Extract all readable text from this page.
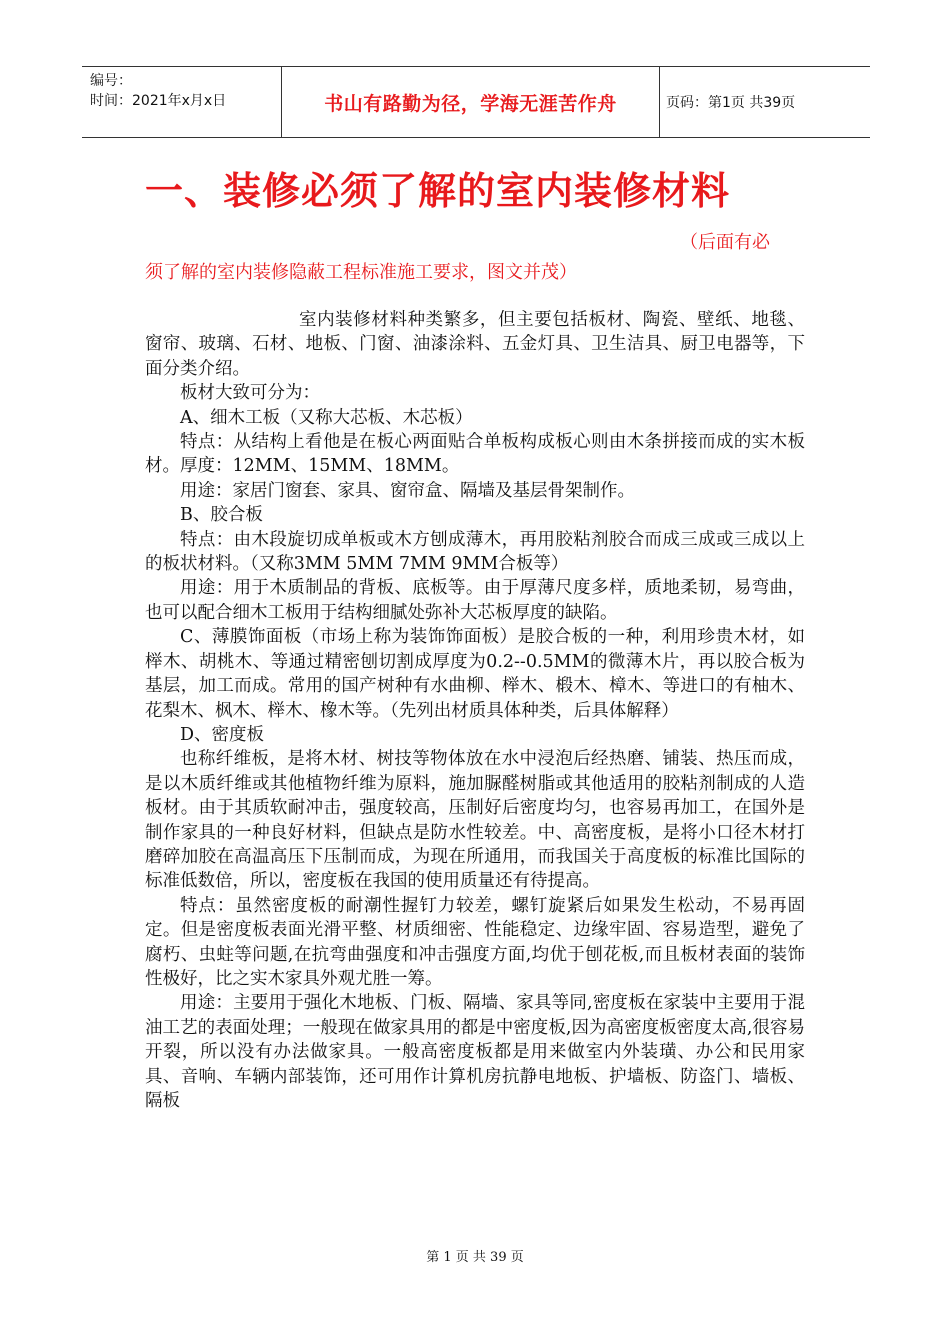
编号：
时间：2021年x月x日	书山有路勤为径，学海无涯苦作舟	页码：第1页 共39页
一、装修必须了解的室内装修材料
（后面有必
须了解的室内装修隐蔽工程标准施工要求，图文并茂）

室内装修材料种类繁多，但主要包括板材、陶瓷、壁纸、地毯、窗帘、玻璃、石材、地板、门窗、油漆涂料、五金灯具、卫生洁具、厨卫电器等，下面分类介绍。

板材大致可分为：

A、细木工板（又称大芯板、木芯板）

特点：从结构上看他是在板心两面贴合单板构成板心则由木条拼接而成的实木板材。厚度：12MM、15MM、18MM。

用途：家居门窗套、家具、窗帘盒、隔墙及基层骨架制作。

B、胶合板

特点：由木段旋切成单板或木方刨成薄木，再用胶粘剂胶合而成三成或三成以上的板状材料。（又称3MM 5MM 7MM 9MM合板等）

用途：用于木质制品的背板、底板等。由于厚薄尺度多样，质地柔韧，易弯曲，也可以配合细木工板用于结构细腻处弥补大芯板厚度的缺陷。

C、薄膜饰面板（市场上称为装饰饰面板）是胶合板的一种，利用珍贵木材，如榉木、胡桃木、等通过精密刨切割成厚度为0.2--0.5MM的微薄木片，再以胶合板为基层，加工而成。常用的国产树种有水曲柳、榉木、椴木、樟木、等进口的有柚木、花梨木、枫木、榉木、橡木等。（先列出材质具体种类，后具体解释）

D、密度板

也称纤维板，是将木材、树技等物体放在水中浸泡后经热磨、铺装、热压而成，是以木质纤维或其他植物纤维为原料，施加脲醛树脂或其他适用的胶粘剂制成的人造板材。由于其质软耐冲击，强度较高，压制好后密度均匀，也容易再加工，在国外是制作家具的一种良好材料，但缺点是防水性较差。中、高密度板，是将小口径木材打磨碎加胶在高温高压下压制而成，为现在所通用，而我国关于高度板的标准比国际的标准低数倍，所以，密度板在我国的使用质量还有待提高。

特点：虽然密度板的耐潮性握钉力较差，螺钉旋紧后如果发生松动，不易再固定。但是密度板表面光滑平整、材质细密、性能稳定、边缘牢固、容易造型，避免了腐朽、虫蛀等问题,在抗弯曲强度和冲击强度方面,均优于刨花板,而且板材表面的装饰性极好，比之实木家具外观尤胜一筹。

用途：主要用于强化木地板、门板、隔墙、家具等同,密度板在家装中主要用于混油工艺的表面处理；一般现在做家具用的都是中密度板,因为高密度板密度太高,很容易开裂，所以没有办法做家具。一般高密度板都是用来做室内外装璜、办公和民用家具、音响、车辆内部装饰，还可用作计算机房抗静电地板、护墙板、防盗门、墙板、隔板

第 1 页 共 39 页
